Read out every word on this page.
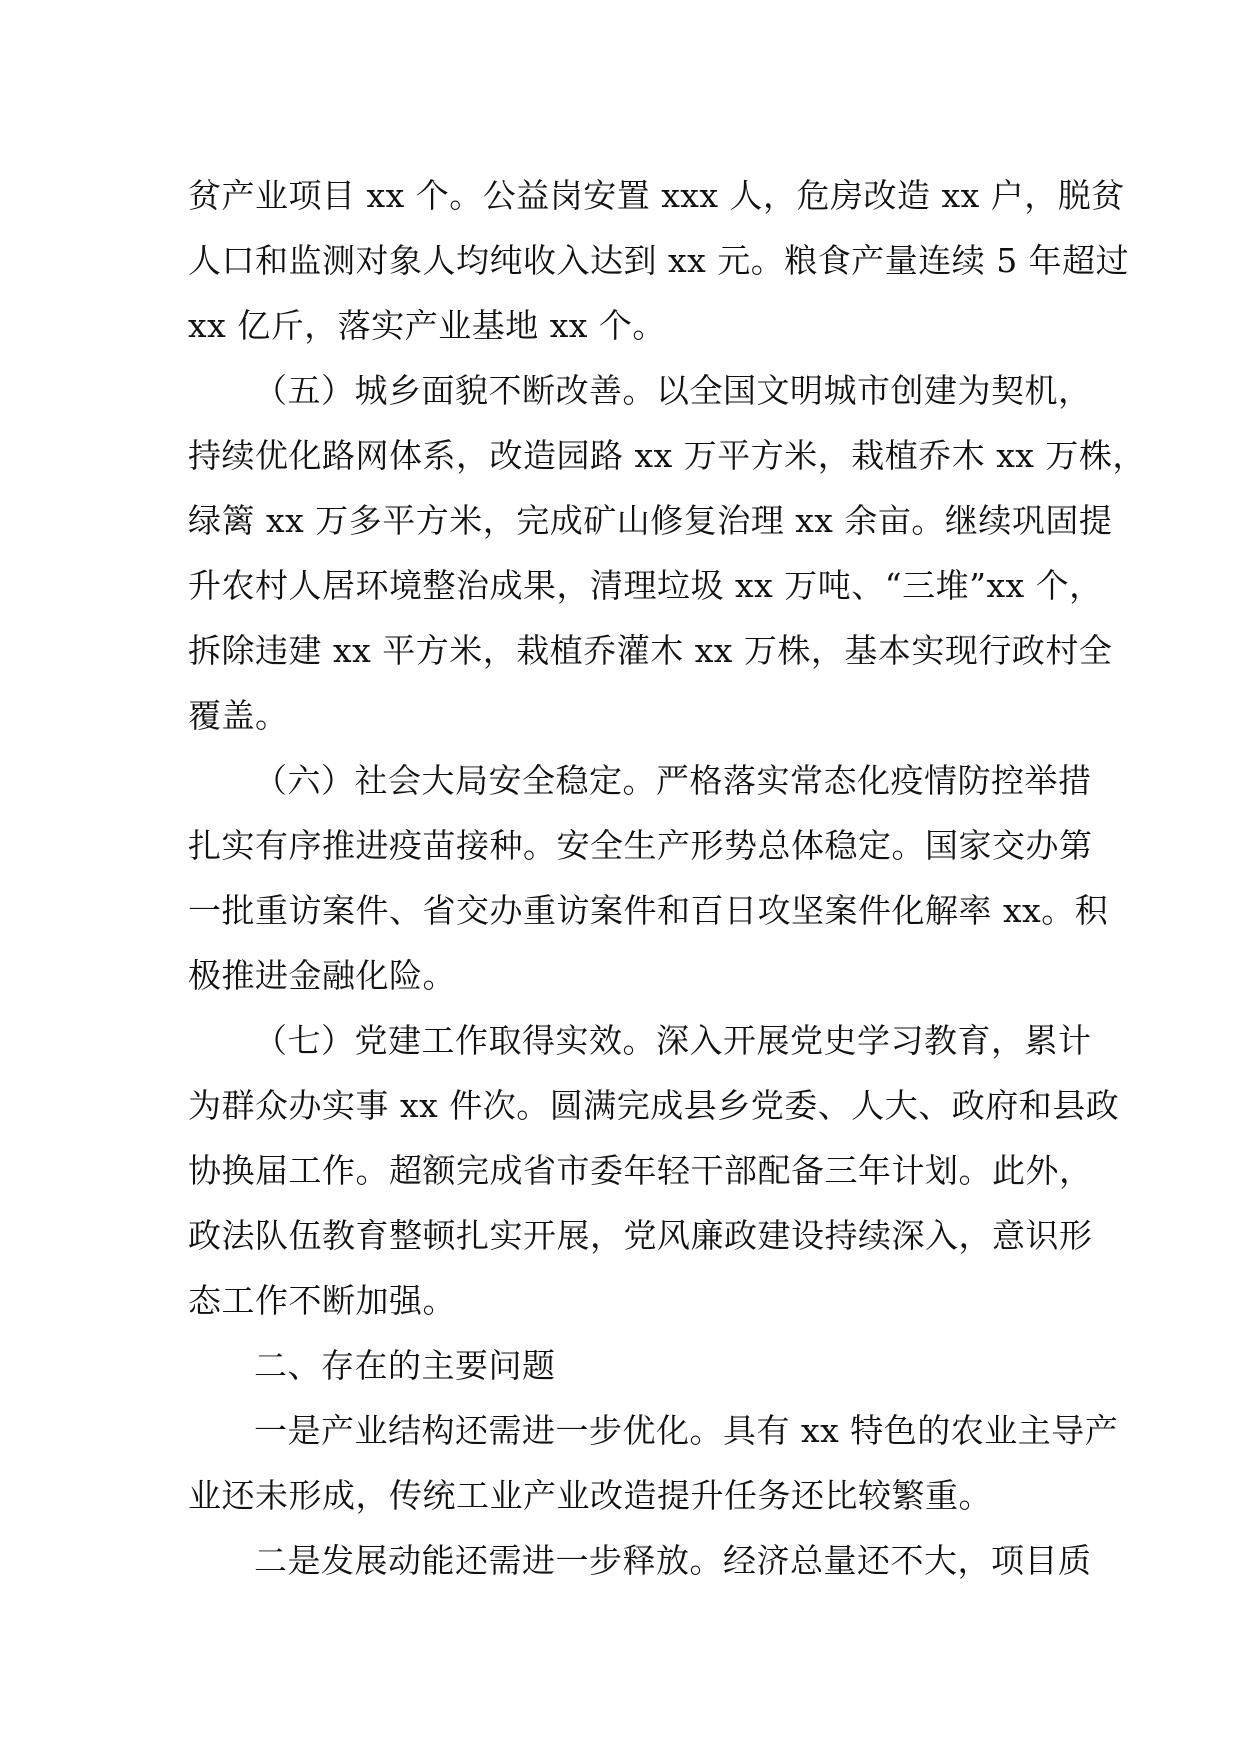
贫产业项目 xx 个。公益岗安置 xxx 人，危房改造 xx 户，脱贫
人口和监测对象人均纯收入达到 xx 元。粮食产量连续 5 年超过
xx 亿斤，落实产业基地 xx 个。
（五）城乡面貌不断改善。以全国文明城市创建为契机，
持续优化路网体系，改造园路 xx 万平方米，栽植乔木 xx 万株，
绿篱 xx 万多平方米，完成矿山修复治理 xx 余亩。继续巩固提
升农村人居环境整治成果，清理垃圾 xx 万吨、“三堆”xx 个，
拆除违建 xx 平方米，栽植乔灌木 xx 万株，基本实现行政村全
覆盖。
（六）社会大局安全稳定。严格落实常态化疫情防控举措
扎实有序推进疫苗接种。安全生产形势总体稳定。国家交办第
一批重访案件、省交办重访案件和百日攻坚案件化解率 xx。积
极推进金融化险。
（七）党建工作取得实效。深入开展党史学习教育，累计
为群众办实事 xx 件次。圆满完成县乡党委、人大、政府和县政
协换届工作。超额完成省市委年轻干部配备三年计划。此外，
政法队伍教育整顿扎实开展，党风廉政建设持续深入，意识形
态工作不断加强。
二、存在的主要问题
一是产业结构还需进一步优化。具有 xx 特色的农业主导产
业还未形成，传统工业产业改造提升任务还比较繁重。
二是发展动能还需进一步释放。经济总量还不大，项目质
